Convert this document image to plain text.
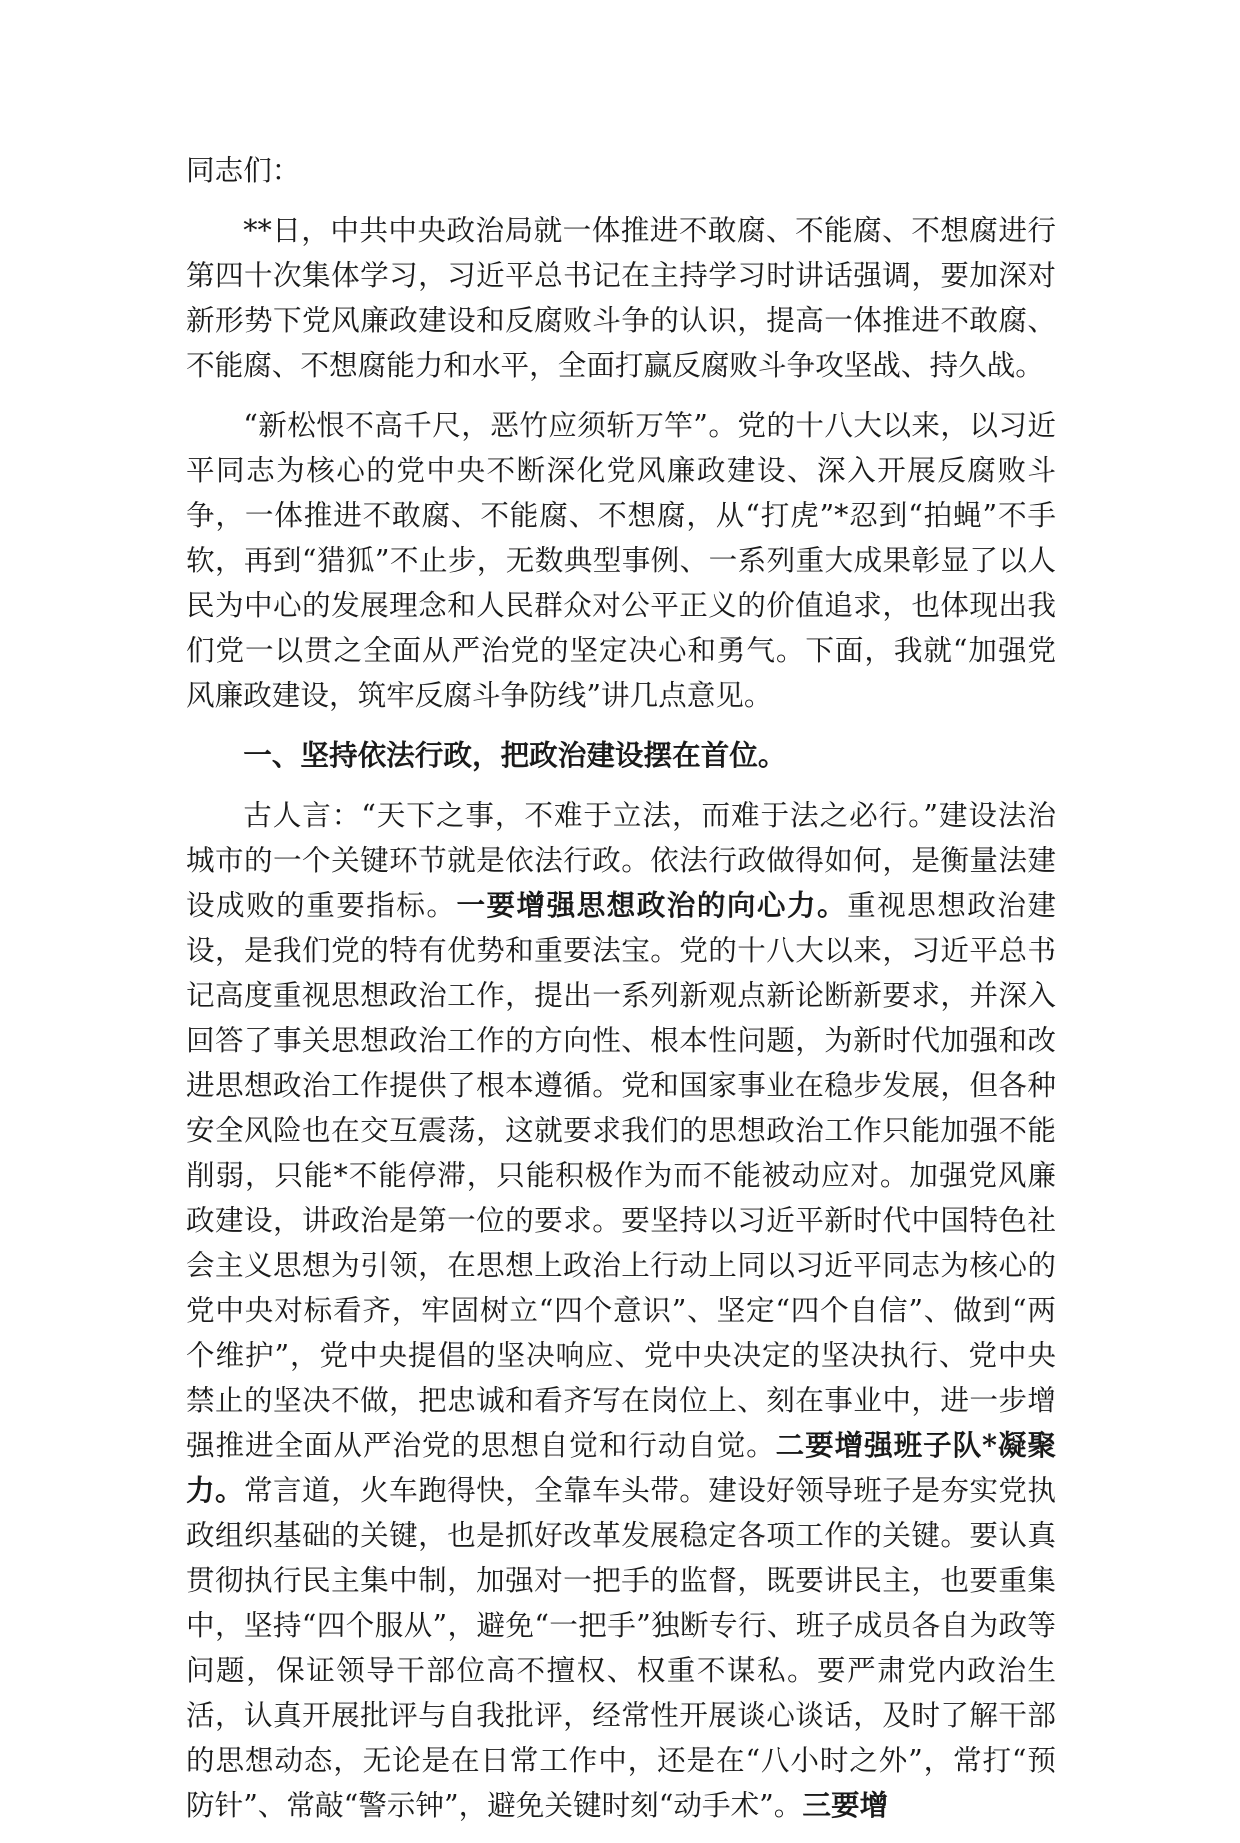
同志们：

**日，中共中央政治局就一体推进不敢腐、不能腐、不想腐进行第四十次集体学习，习近平总书记在主持学习时讲话强调，要加深对新形势下党风廉政建设和反腐败斗争的认识，提高一体推进不敢腐、不能腐、不想腐能力和水平，全面打赢反腐败斗争攻坚战、持久战。

“新松恨不高千尺，恶竹应须斩万竿”。党的十八大以来，以习近平同志为核心的党中央不断深化党风廉政建设、深入开展反腐败斗争，一体推进不敢腐、不能腐、不想腐，从“打虎”*忍到“拍蝇”不手软，再到“猎狐”不止步，无数典型事例、一系列重大成果彰显了以人民为中心的发展理念和人民群众对公平正义的价值追求，也体现出我们党一以贯之全面从严治党的坚定决心和勇气。下面，我就“加强党风廉政建设，筑牢反腐斗争防线”讲几点意见。

一、坚持依法行政，把政治建设摆在首位。

古人言：“天下之事，不难于立法，而难于法之必行。”建设法治城市的一个关键环节就是依法行政。依法行政做得如何，是衡量法建设成败的重要指标。一要增强思想政治的向心力。重视思想政治建设，是我们党的特有优势和重要法宝。党的十八大以来，习近平总书记高度重视思想政治工作，提出一系列新观点新论断新要求，并深入回答了事关思想政治工作的方向性、根本性问题，为新时代加强和改进思想政治工作提供了根本遵循。党和国家事业在稳步发展，但各种安全风险也在交互震荡，这就要求我们的思想政治工作只能加强不能削弱，只能*不能停滞，只能积极作为而不能被动应对。加强党风廉政建设，讲政治是第一位的要求。要坚持以习近平新时代中国特色社会主义思想为引领，在思想上政治上行动上同以习近平同志为核心的党中央对标看齐，牢固树立“四个意识”、坚定“四个自信”、做到“两个维护”，党中央提倡的坚决响应、党中央决定的坚决执行、党中央禁止的坚决不做，把忠诚和看齐写在岗位上、刻在事业中，进一步增强推进全面从严治党的思想自觉和行动自觉。二要增强班子队*凝聚力。常言道，火车跑得快，全靠车头带。建设好领导班子是夯实党执政组织基础的关键，也是抓好改革发展稳定各项工作的关键。要认真贯彻执行民主集中制，加强对一把手的监督，既要讲民主，也要重集中，坚持“四个服从”，避免“一把手”独断专行、班子成员各自为政等问题，保证领导干部位高不擅权、权重不谋私。要严肃党内政治生活，认真开展批评与自我批评，经常性开展谈心谈话，及时了解干部的思想动态，无论是在日常工作中，还是在“八小时之外”，常打“预防针”、常敲“警示钟”，避免关键时刻“动手术”。三要增
